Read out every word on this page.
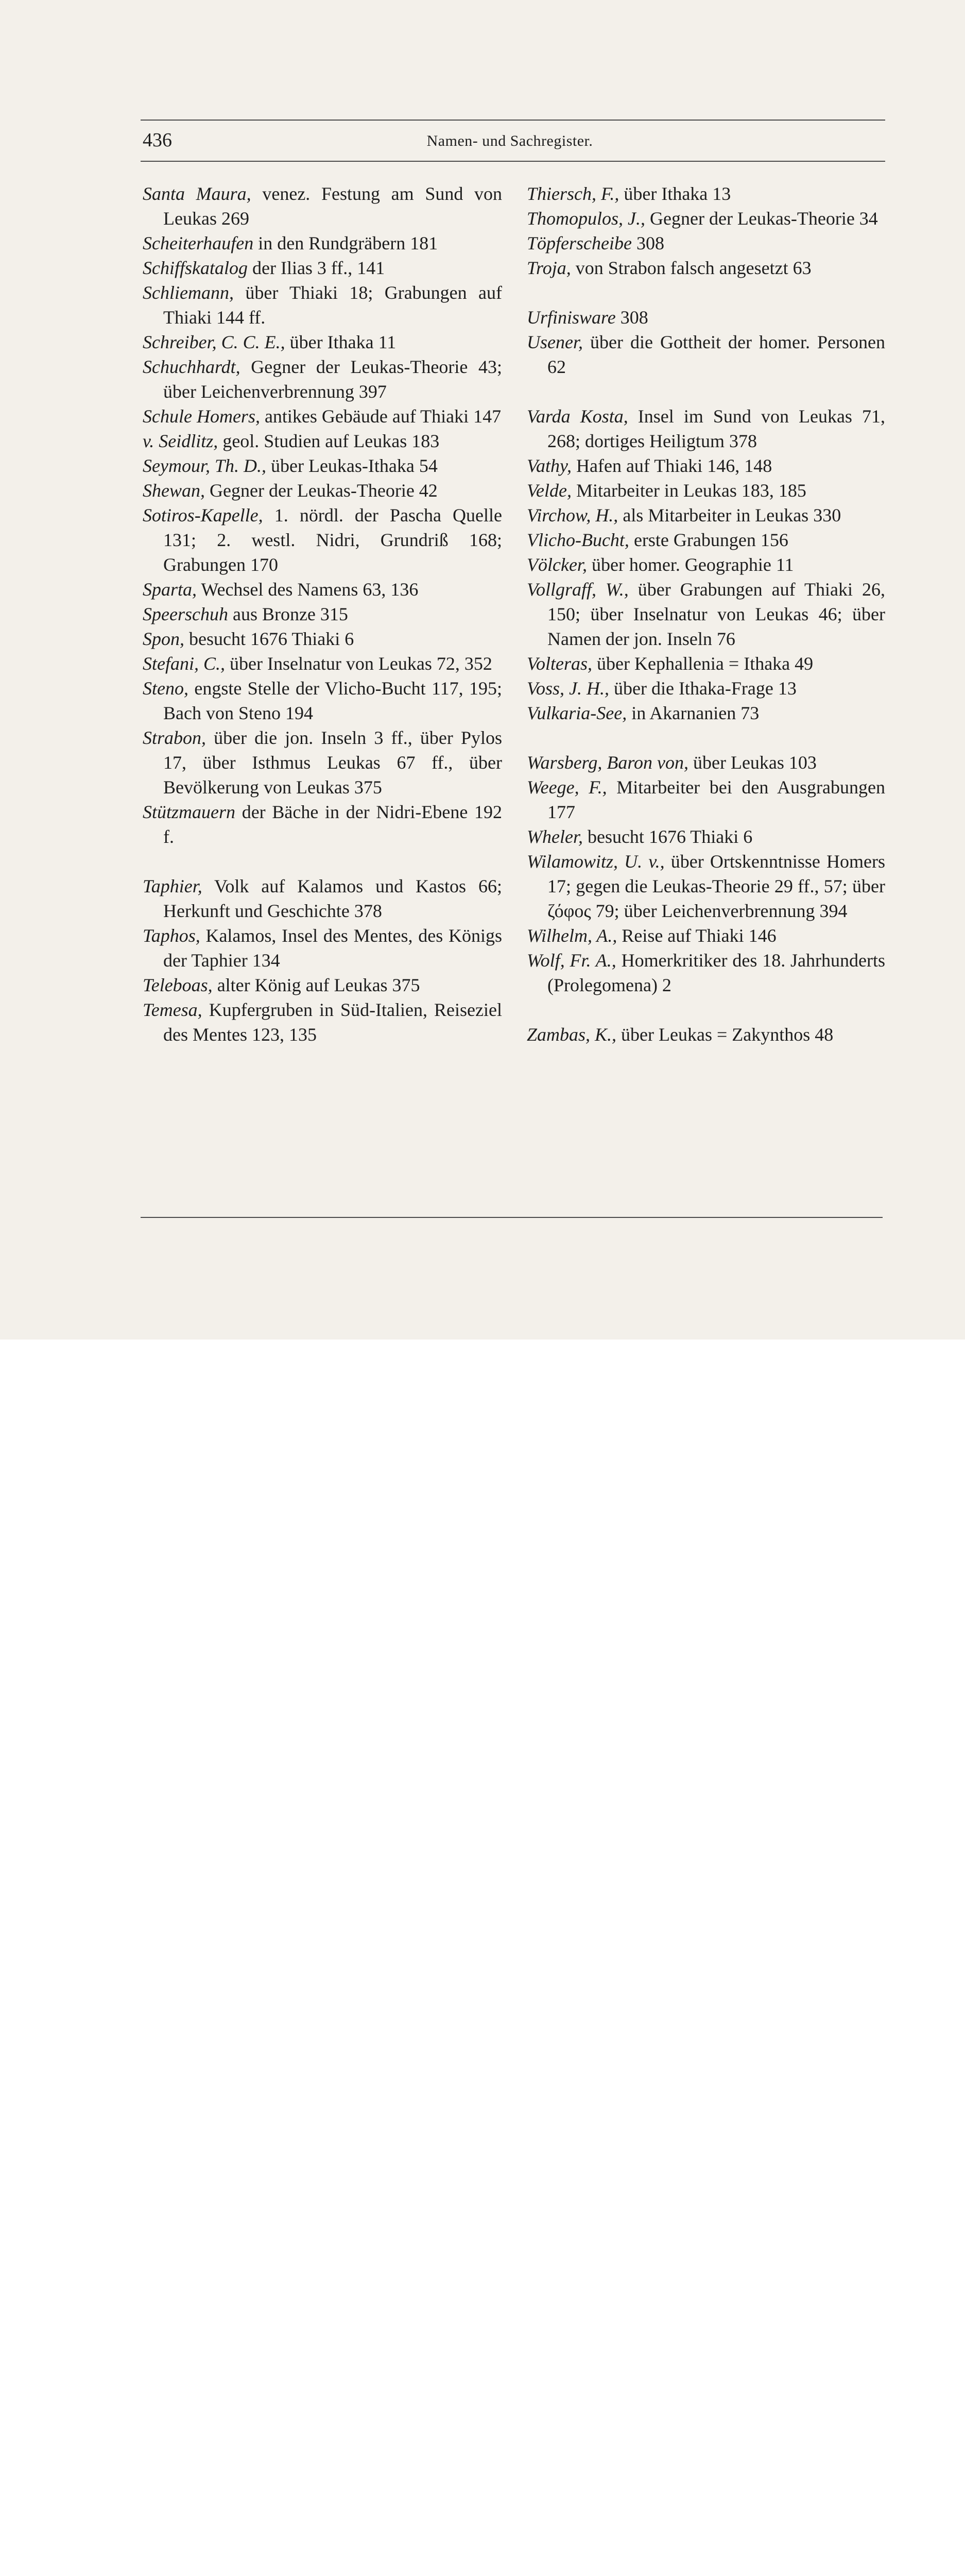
436	Namen- und Sachregister.

Santa Maura, venez. Festung am Sund von Leukas 269

Scheiterhaufen in den Rundgräbern 181

Schiffskatalog der Ilias 3 ff., 141

Schliemann, über Thiaki 18; Grabungen auf Thiaki 144 ff.

Schreiber, C. C. E., über Ithaka 11

Schuchhardt, Gegner der Leukas-Theorie 43; über Leichenverbrennung 397

Schule Homers, antikes Gebäude auf Thiaki 147

v. Seidlitz, geol. Studien auf Leukas 183

Seymour, Th. D., über Leukas-Ithaka 54

Shewan, Gegner der Leukas-Theorie 42

Sotiros-Kapelle, 1. nördl. der Pascha Quelle 131; 2. westl. Nidri, Grundriß 168; Grabungen 170

Sparta, Wechsel des Namens 63, 136

Speerschuh aus Bronze 315

Spon, besucht 1676 Thiaki 6

Stefani, C., über Inselnatur von Leukas 72, 352

Steno, engste Stelle der Vlicho-Bucht 117, 195; Bach von Steno 194

Strabon, über die jon. Inseln 3 ff., über Pylos 17, über Isthmus Leukas 67 ff., über Bevölkerung von Leukas 375

Stützmauern der Bäche in der Nidri-Ebene 192 f.

Taphier, Volk auf Kalamos und Kastos 66; Herkunft und Geschichte 378

Taphos, Kalamos, Insel des Mentes, des Königs der Taphier 134

Teleboas, alter König auf Leukas 375

Temesa, Kupfergruben in Süd-Italien, Reiseziel des Mentes 123, 135

Thiersch, F., über Ithaka 13

Thomopulos, J., Gegner der Leukas-Theorie 34

Töpferscheibe 308

Troja, von Strabon falsch angesetzt 63

Urfinisware 308

Usener, über die Gottheit der homer. Personen 62

Varda Kosta, Insel im Sund von Leukas 71, 268; dortiges Heiligtum 378

Vathy, Hafen auf Thiaki 146, 148

Velde, Mitarbeiter in Leukas 183, 185

Virchow, H., als Mitarbeiter in Leukas 330

Vlicho-Bucht, erste Grabungen 156

Völcker, über homer. Geographie 11

Vollgraff, W., über Grabungen auf Thiaki 26, 150; über Inselnatur von Leukas 46; über Namen der jon. Inseln 76

Volteras, über Kephallenia = Ithaka 49

Voss, J. H., über die Ithaka-Frage 13

Vulkaria-See, in Akarnanien 73

Warsberg, Baron von, über Leukas 103

Weege, F., Mitarbeiter bei den Ausgrabungen 177

Wheler, besucht 1676 Thiaki 6

Wilamowitz, U. v., über Ortskenntnisse Homers 17; gegen die Leukas-Theorie 29 ff., 57; über ζόφος 79; über Leichenverbrennung 394

Wilhelm, A., Reise auf Thiaki 146

Wolf, Fr. A., Homerkritiker des 18. Jahrhunderts (Prolegomena) 2

Zambas, K., über Leukas = Zakynthos 48
